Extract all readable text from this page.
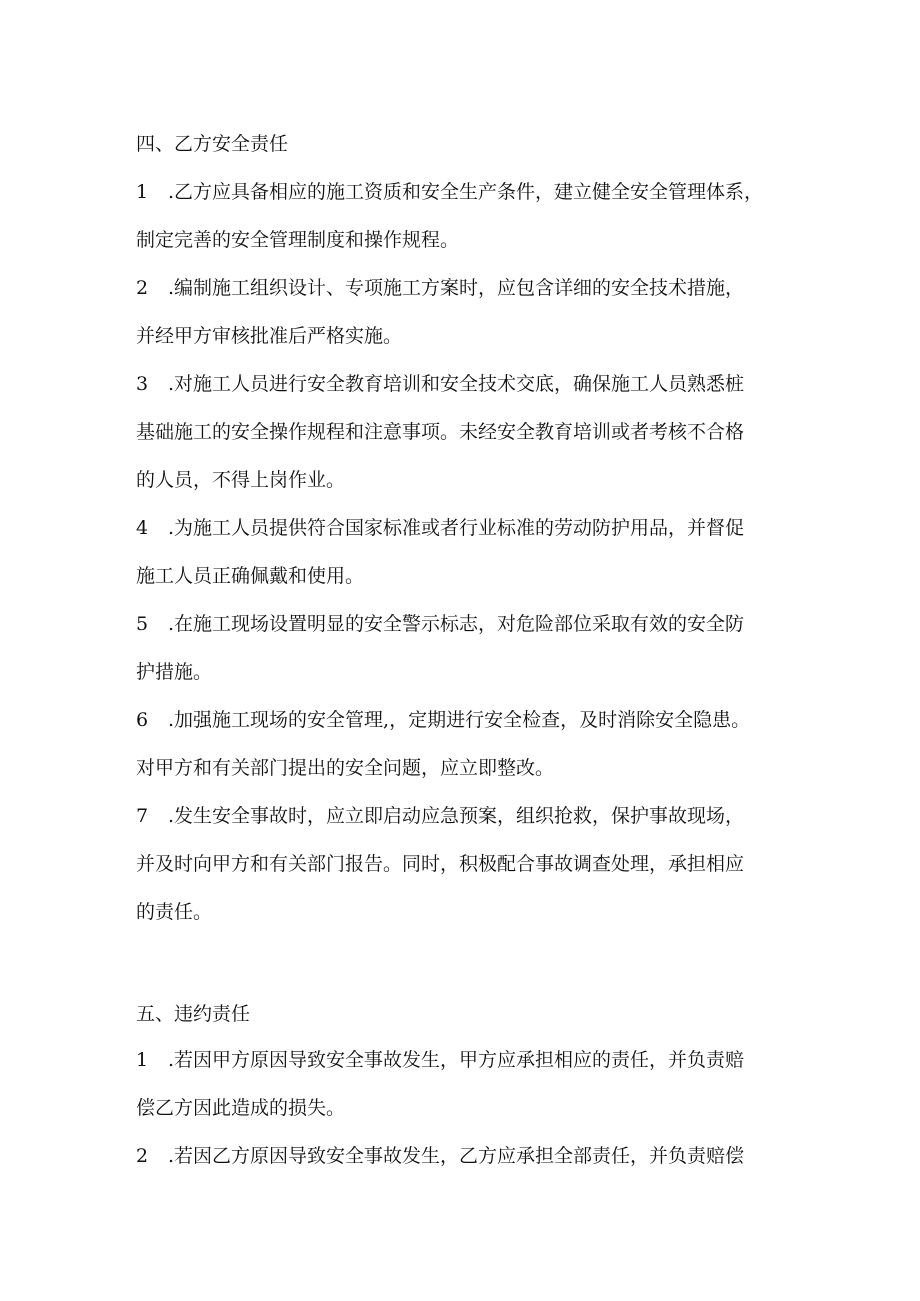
四、乙方安全责任
1 .乙方应具备相应的施工资质和安全生产条件，建立健全安全管理体系，
制定完善的安全管理制度和操作规程。
2 .编制施工组织设计、专项施工方案时，应包含详细的安全技术措施，
并经甲方审核批准后严格实施。
3 .对施工人员进行安全教育培训和安全技术交底，确保施工人员熟悉桩
基础施工的安全操作规程和注意事项。未经安全教育培训或者考核不合格
的人员，不得上岗作业。
4 .为施工人员提供符合国家标准或者行业标准的劳动防护用品，并督促
施工人员正确佩戴和使用。
5 .在施工现场设置明显的安全警示标志，对危险部位采取有效的安全防
护措施。
6 .加强施工现场的安全管理,，定期进行安全检查，及时消除安全隐患。
对甲方和有关部门提出的安全问题，应立即整改。
7 .发生安全事故时，应立即启动应急预案，组织抢救，保护事故现场，
并及时向甲方和有关部门报告。同时，积极配合事故调查处理，承担相应
的责任。
五、违约责任
1 .若因甲方原因导致安全事故发生，甲方应承担相应的责任，并负责赔
偿乙方因此造成的损失。
2 .若因乙方原因导致安全事故发生，乙方应承担全部责任，并负责赔偿
